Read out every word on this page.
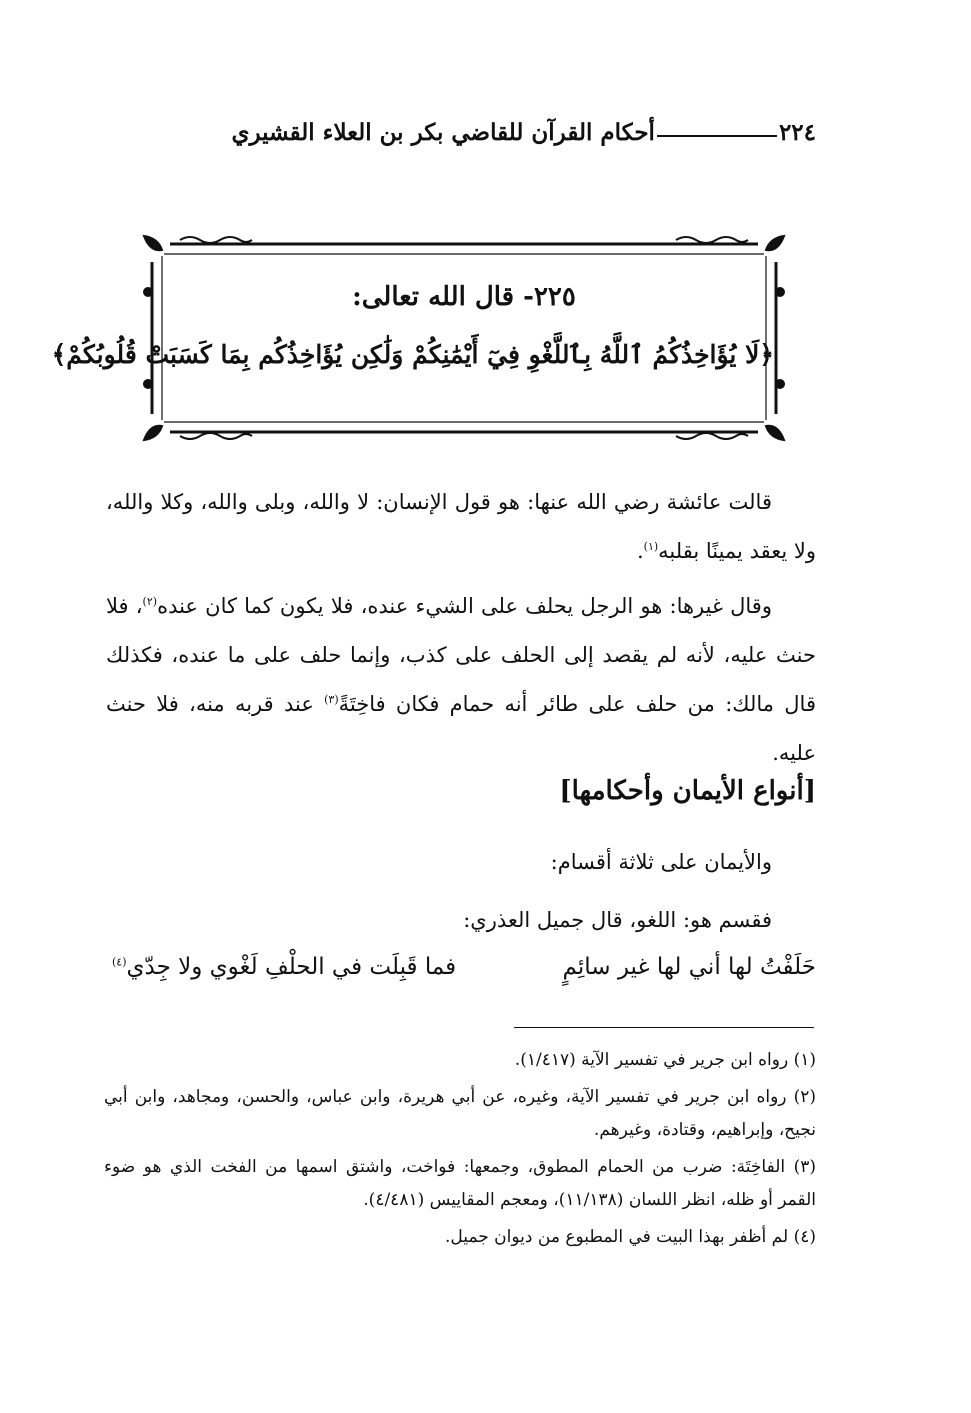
٢٢٤
أحكام القرآن للقاضي بكر بن العلاء القشيري
٢٢٥- قال الله تعالى:
﴿لَا يُؤَاخِذُكُمُ ٱللَّهُ بِٱللَّغْوِ فِيٓ أَيْمَٰنِكُمْ وَلَٰكِن يُؤَاخِذُكُم بِمَا كَسَبَتْ قُلُوبُكُمْ﴾

قالت عائشة رضي الله عنها: هو قول الإنسان: لا والله، وبلى والله، وكلا والله، ولا يعقد يمينًا بقلبه$^{(١)}$.

وقال غيرها: هو الرجل يحلف على الشيء عنده، فلا يكون كما كان عنده$^{(٢)}$، فلا حنث عليه، لأنه لم يقصد إلى الحلف على كذب، وإنما حلف على ما عنده، فكذلك قال مالك: من حلف على طائر أنه حمام فكان فاخِتَةً$^{(٣)}$ عند قربه منه، فلا حنث عليه.

[أنواع الأيمان وأحكامها]
والأيمان على ثلاثة أقسام:
فقسم هو: اللغو، قال جميل العذري:
حَلَفْتُ لها أني لها غير سائِمٍ
فما قَبِلَت في الحلْفِ لَغْوي ولا جِدّي$^{(٤)}$

(١) رواه ابن جرير في تفسير الآية (١/٤١٧).

(٢) رواه ابن جرير في تفسير الآية، وغيره، عن أبي هريرة، وابن عباس، والحسن، ومجاهد، وابن أبي نجيح، وإبراهيم، وقتادة، وغيرهم.

(٣) الفاخِتَة: ضرب من الحمام المطوق، وجمعها: فواخت، واشتق اسمها من الفخت الذي هو ضوء القمر أو ظله، انظر اللسان (١١/١٣٨)، ومعجم المقاييس (٤/٤٨١).

(٤) لم أظفر بهذا البيت في المطبوع من ديوان جميل.
